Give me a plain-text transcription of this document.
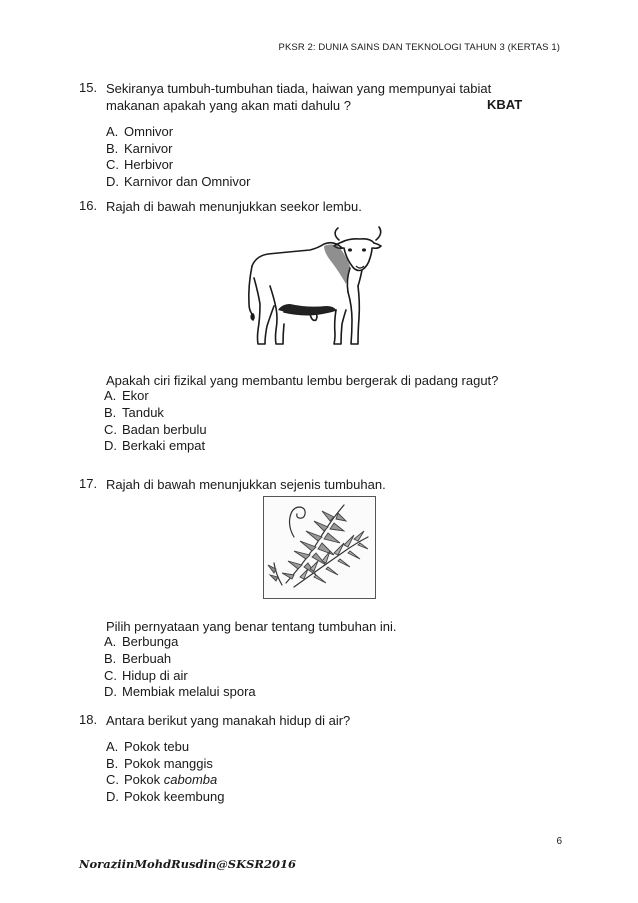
PKSR 2: DUNIA SAINS DAN TEKNOLOGI TAHUN 3 (KERTAS 1)
15. Sekiranya tumbuh-tumbuhan tiada, haiwan yang mempunyai tabiat
makanan apakah yang akan mati dahulu ?	KBAT
A. Omnivor
B. Karnivor
C. Herbivor
D. Karnivor dan Omnivor
16. Rajah di bawah menunjukkan seekor lembu.
Apakah ciri fizikal yang membantu lembu bergerak di padang ragut?
A. Ekor
B. Tanduk
C. Badan berbulu
D. Berkaki empat
17. Rajah di bawah menunjukkan sejenis tumbuhan.
Pilih pernyataan yang benar tentang tumbuhan ini.
A. Berbunga
B. Berbuah
C. Hidup di air
D. Membiak melalui spora
18. Antara berikut yang manakah hidup di air?
A. Pokok tebu
B. Pokok manggis
C. Pokok cabomba
D. Pokok keembung
6
NoraziinMohdRusdin@SKSR2016
